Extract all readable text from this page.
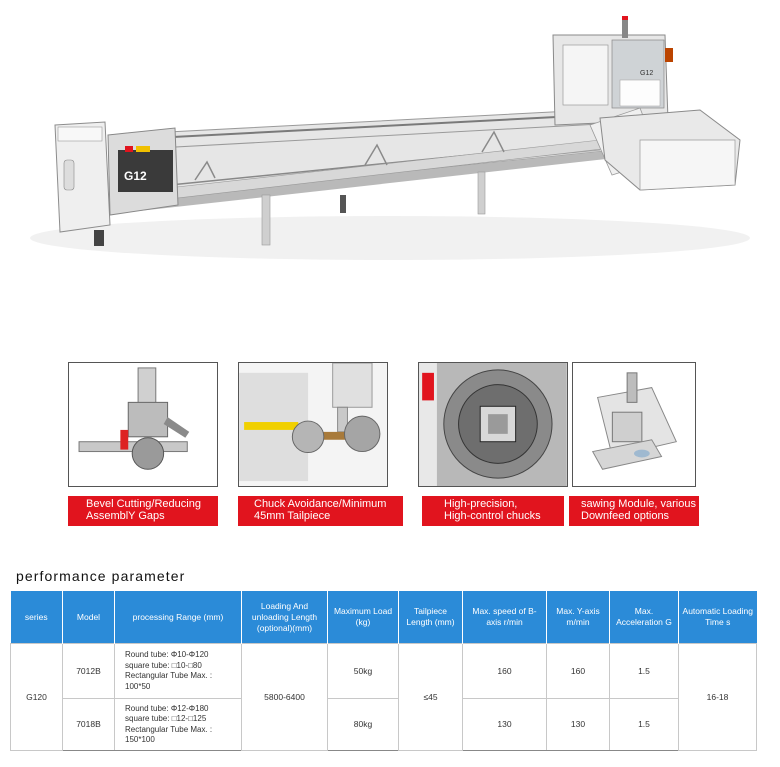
G12
G12
Bevel Cutting/Reducing
AssemblY Gaps
Chuck Avoidance/Minimum
45mm Tailpiece
High-precision,
High-control chucks
sawing Module, various
Downfeed options
performance parameter
series	Model	processing Range (mm)	Loading And unloading Length (optional)(mm)	Maximum Load (kg)	Tailpiece Length (mm)	Max. speed of B-axis r/min	Max. Y-axis m/min	Max. Acceleration G	Automatic Loading Time s
G120	7012B	Round tube: Φ10-Φ120
square tube: □10-□80
Rectangular Tube Max. :
100*50	5800-6400	50kg	≤45	160	160	1.5	16-18
	7018B	Round tube: Φ12-Φ180
square tube: □12-□125
Rectangular Tube Max. :
150*100		80kg		130	130	1.5	
